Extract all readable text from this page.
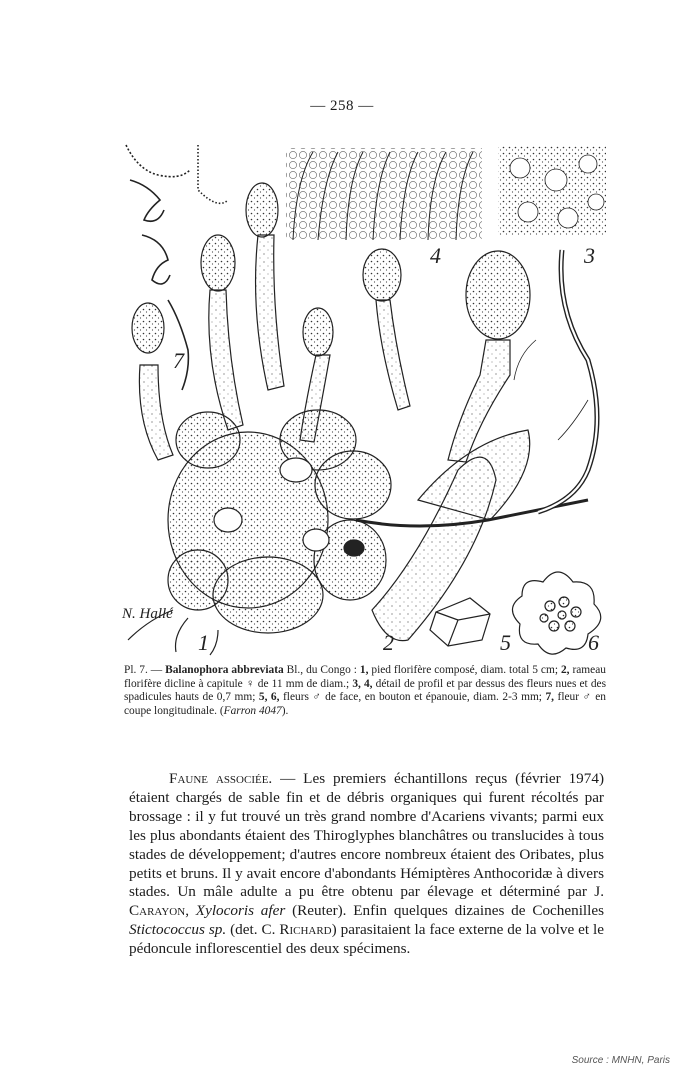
— 258 —
7
4	3
1
N. Hallé
2	5	6
Pl. 7. — Balanophora abbreviata Bl., du Congo : 1, pied florifère composé, diam. total 5 cm; 2, rameau florifère dicline à capitule ♀ de 11 mm de diam.; 3, 4, détail de profil et par dessus des fleurs nues et des spadicules hauts de 0,7 mm; 5, 6, fleurs ♂ de face, en bouton et épanouie, diam. 2-3 mm; 7, fleur ♂ en coupe longitudinale. (Farron 4047).

Faune associée. — Les premiers échantillons reçus (février 1974) étaient chargés de sable fin et de débris organiques qui furent récoltés par brossage : il y fut trouvé un très grand nombre d'Acariens vivants; parmi eux les plus abondants étaient des Thiroglyphes blanchâtres ou translucides à tous stades de développement; d'autres encore nombreux étaient des Oribates, plus petits et bruns. Il y avait encore d'abondants Hémiptères Anthocoridæ à divers stades. Un mâle adulte a pu être obtenu par élevage et déterminé par J. Carayon, Xylocoris afer (Reuter). Enfin quelques dizaines de Cochenilles Stictococcus sp. (det. C. Richard) parasitaient la face externe de la volve et le pédoncule inflorescentiel des deux spécimens.

Source : MNHN, Paris
